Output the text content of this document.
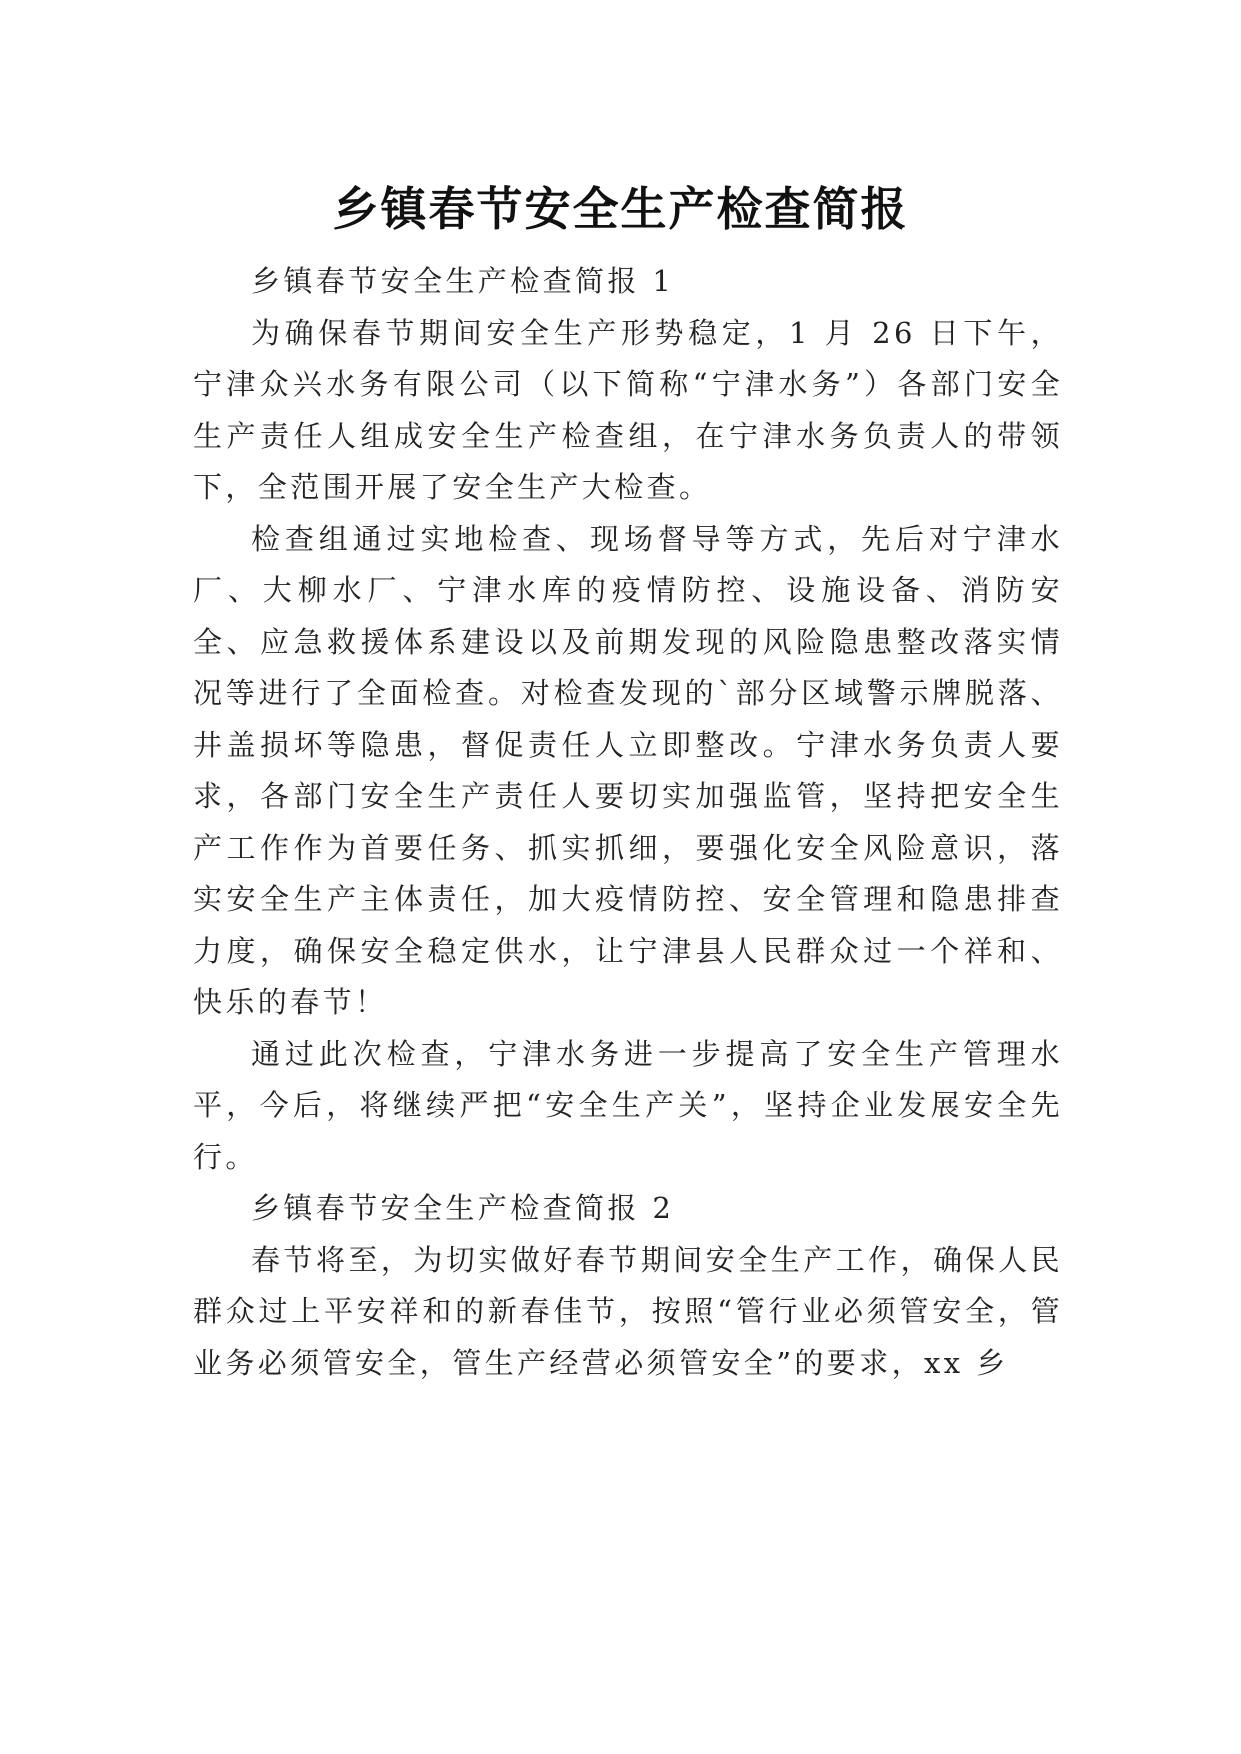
乡镇春节安全生产检查简报

乡镇春节安全生产检查简报 1

为确保春节期间安全生产形势稳定，1 月 26 日下午，宁津众兴水务有限公司（以下简称“宁津水务”）各部门安全生产责任人组成安全生产检查组，在宁津水务负责人的带领下，全范围开展了安全生产大检查。

检查组通过实地检查、现场督导等方式，先后对宁津水厂、大柳水厂、宁津水库的疫情防控、设施设备、消防安全、应急救援体系建设以及前期发现的风险隐患整改落实情况等进行了全面检查。对检查发现的`部分区域警示牌脱落、井盖损坏等隐患，督促责任人立即整改。宁津水务负责人要求，各部门安全生产责任人要切实加强监管，坚持把安全生产工作作为首要任务、抓实抓细，要强化安全风险意识，落实安全生产主体责任，加大疫情防控、安全管理和隐患排查力度，确保安全稳定供水，让宁津县人民群众过一个祥和、快乐的春节！

通过此次检查，宁津水务进一步提高了安全生产管理水平，今后，将继续严把“安全生产关”，坚持企业发展安全先行。

乡镇春节安全生产检查简报 2

春节将至，为切实做好春节期间安全生产工作，确保人民群众过上平安祥和的新春佳节，按照“管行业必须管安全，管业务必须管安全，管生产经营必须管安全”的要求，xx 乡
